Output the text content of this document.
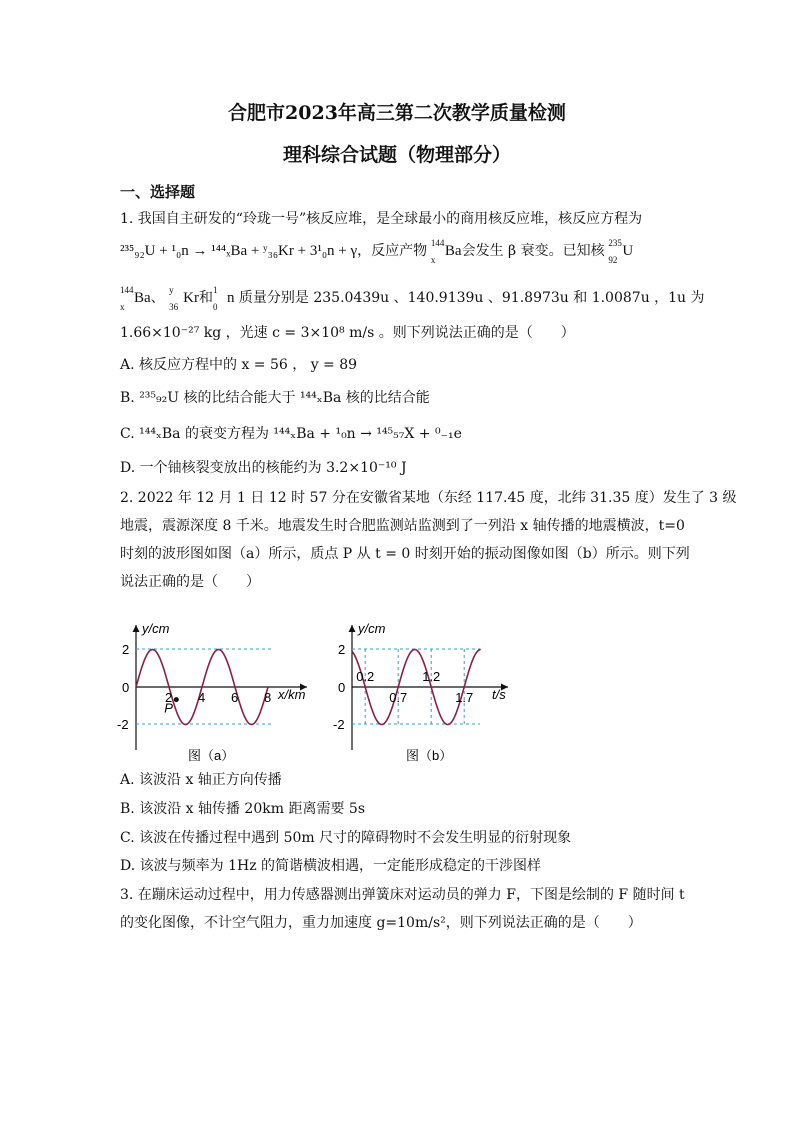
合肥市2023年高三第二次教学质量检测
理科综合试题（物理部分）
一、选择题
1. 我国自主研发的“玲珑一号”核反应堆，是全球最小的商用核反应堆，核反应方程为
²³⁵₉₂U + ¹₀n → ¹⁴⁴ₓBa + ʸ₃₆Kr + 3¹₀n + γ，反应产物 144
x
Ba会发生 β 衰变。已知核 235
92
U
144
x
Ba、 y
36
Kr和 1
0
n 质量分别是 235.0439u 、140.9139u 、91.8973u 和 1.0087u ，1u 为
1.66×10⁻²⁷ kg ，光速 c = 3×10⁸ m/s 。则下列说法正确的是（　　）
A. 核反应方程中的 x = 56 ， y = 89
B. ²³⁵₉₂U 核的比结合能大于 ¹⁴⁴ₓBa 核的比结合能
C. ¹⁴⁴ₓBa 的衰变方程为 ¹⁴⁴ₓBa + ¹₀n → ¹⁴⁵₅₇X + ⁰₋₁e
D. 一个铀核裂变放出的核能约为 3.2×10⁻¹⁰ J
2. 2022 年 12 月 1 日 12 时 57 分在安徽省某地（东经 117.45 度，北纬 31.35 度）发生了 3 级
地震，震源深度 8 千米。地震发生时合肥监测站监测到了一列沿 x 轴传播的地震横波，t=0
时刻的波形图如图（a）所示，质点 P 从 t = 0 时刻开始的振动图像如图（b）所示。则下列
说法正确的是（　　）
P
y/cm
x/km
2
0
-2
2 4 6 8
图（a）
y/cm
t/s
2
0
-2
0.2
0.7
1.2
1.7
图（b）
A. 该波沿 x 轴正方向传播
B. 该波沿 x 轴传播 20km 距离需要 5s
C. 该波在传播过程中遇到 50m 尺寸的障碍物时不会发生明显的衍射现象
D. 该波与频率为 1Hz 的简谐横波相遇，一定能形成稳定的干涉图样
3. 在蹦床运动过程中，用力传感器测出弹簧床对运动员的弹力 F，下图是绘制的 F 随时间 t
的变化图像，不计空气阻力，重力加速度 g=10m/s²，则下列说法正确的是（　　）
